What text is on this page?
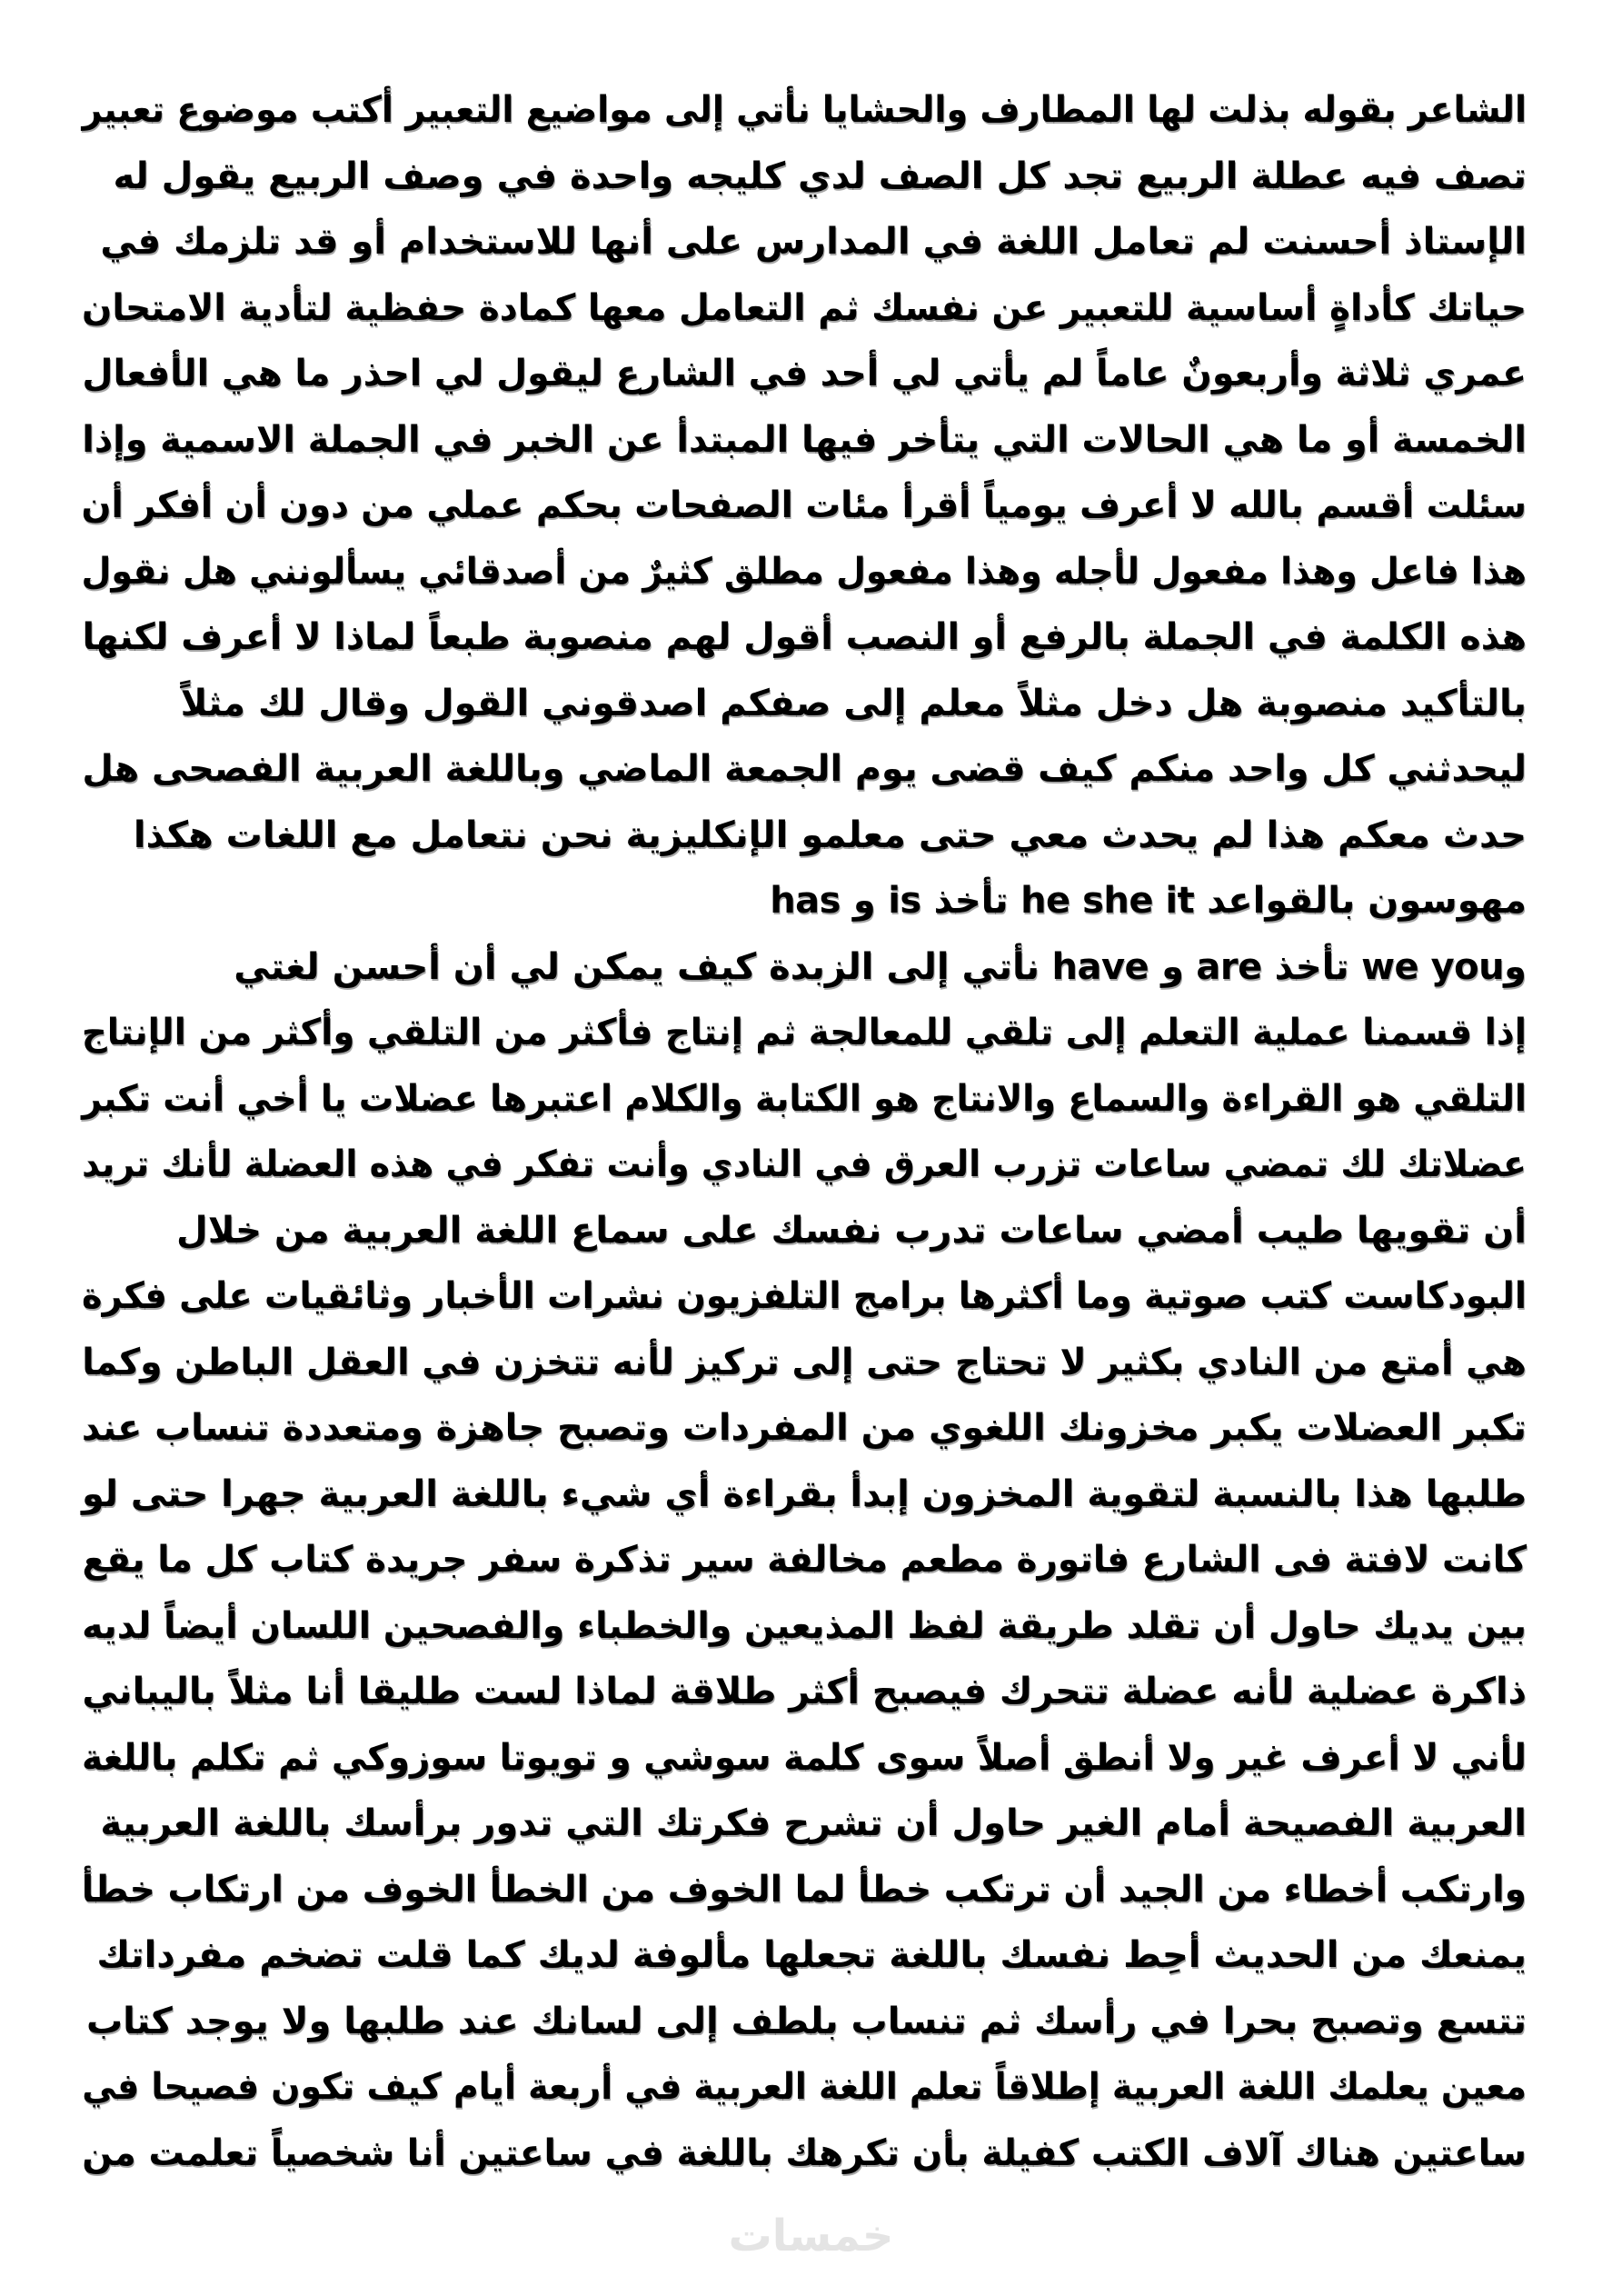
الشاعر بقوله بذلت لها المطارف والحشايا نأتي إلى مواضيع التعبير أكتب موضوع تعبير
تصف فيه عطلة الربيع تجد كل الصف لدي كليجه واحدة في وصف الربيع يقول له
الإستاذ أحسنت لم تعامل اللغة في المدارس على أنها للاستخدام أو قد تلزمك في
حياتك كأداةٍ أساسية للتعبير عن نفسك ثم التعامل معها كمادة حفظية لتأدية الامتحان
عمري ثلاثة وأربعونٌ عاماً لم يأتي لي أحد في الشارع ليقول لي احذر ما هي الأفعال
الخمسة أو ما هي الحالات التي يتأخر فيها المبتدأ عن الخبر في الجملة الاسمية وإذا
سئلت أقسم بالله لا أعرف يومياً أقرأ مئات الصفحات بحكم عملي من دون أن أفكر أن
هذا فاعل وهذا مفعول لأجله وهذا مفعول مطلق كثيرٌ من أصدقائي يسألونني هل نقول
هذه الكلمة في الجملة بالرفع أو النصب أقول لهم منصوبة طبعاً لماذا لا أعرف لكنها
بالتأكيد منصوبة هل دخل مثلاً معلم إلى صفكم اصدقوني القول وقال لك مثلاً
ليحدثني كل واحد منكم كيف قضى يوم الجمعة الماضي وباللغة العربية الفصحى هل
حدث معكم هذا لم يحدث معي حتى معلمو الإنكليزية نحن نتعامل مع اللغات هكذا
مهوسون بالقواعد he she it تأخذ is و has
وwe you تأخذ are و have نأتي إلى الزبدة كيف يمكن لي أن أحسن لغتي
إذا قسمنا عملية التعلم إلى تلقي للمعالجة ثم إنتاج فأكثر من التلقي وأكثر من الإنتاج
التلقي هو القراءة والسماع والانتاج هو الكتابة والكلام اعتبرها عضلات يا أخي أنت تكبر
عضلاتك لك تمضي ساعات تزرب العرق في النادي وأنت تفكر في هذه العضلة لأنك تريد
أن تقويها طيب أمضي ساعات تدرب نفسك على سماع اللغة العربية من خلال
البودكاست كتب صوتية وما أكثرها برامج التلفزيون نشرات الأخبار وثائقيات على فكرة
هي أمتع من النادي بكثير لا تحتاج حتى إلى تركيز لأنه تتخزن في العقل الباطن وكما
تكبر العضلات يكبر مخزونك اللغوي من المفردات وتصبح جاهزة ومتعددة تنساب عند
طلبها هذا بالنسبة لتقوية المخزون إبدأ بقراءة أي شيء باللغة العربية جهرا حتى لو
كانت لافتة فى الشارع فاتورة مطعم مخالفة سير تذكرة سفر جريدة كتاب كل ما يقع
بين يديك حاول أن تقلد طريقة لفظ المذيعين والخطباء والفصحين اللسان أيضاً لديه
ذاكرة عضلية لأنه عضلة تتحرك فيصبح أكثر طلاقة لماذا لست طليقا أنا مثلاً باليباني
لأني لا أعرف غير ولا أنطق أصلاً سوى كلمة سوشي و تويوتا سوزوكي ثم تكلم باللغة
العربية الفصيحة أمام الغير حاول أن تشرح فكرتك التي تدور برأسك باللغة العربية
وارتكب أخطاء من الجيد أن ترتكب خطأ لما الخوف من الخطأ الخوف من ارتكاب خطأ
يمنعك من الحديث أحِط نفسك باللغة تجعلها مألوفة لديك كما قلت تضخم مفرداتك
تتسع وتصبح بحرا في رأسك ثم تنساب بلطف إلى لسانك عند طلبها ولا يوجد كتاب
معين يعلمك اللغة العربية إطلاقاً تعلم اللغة العربية في أربعة أيام كيف تكون فصيحا في
ساعتين هناك آلاف الكتب كفيلة بأن تكرهك باللغة في ساعتين أنا شخصياً تعلمت من
خمسات
